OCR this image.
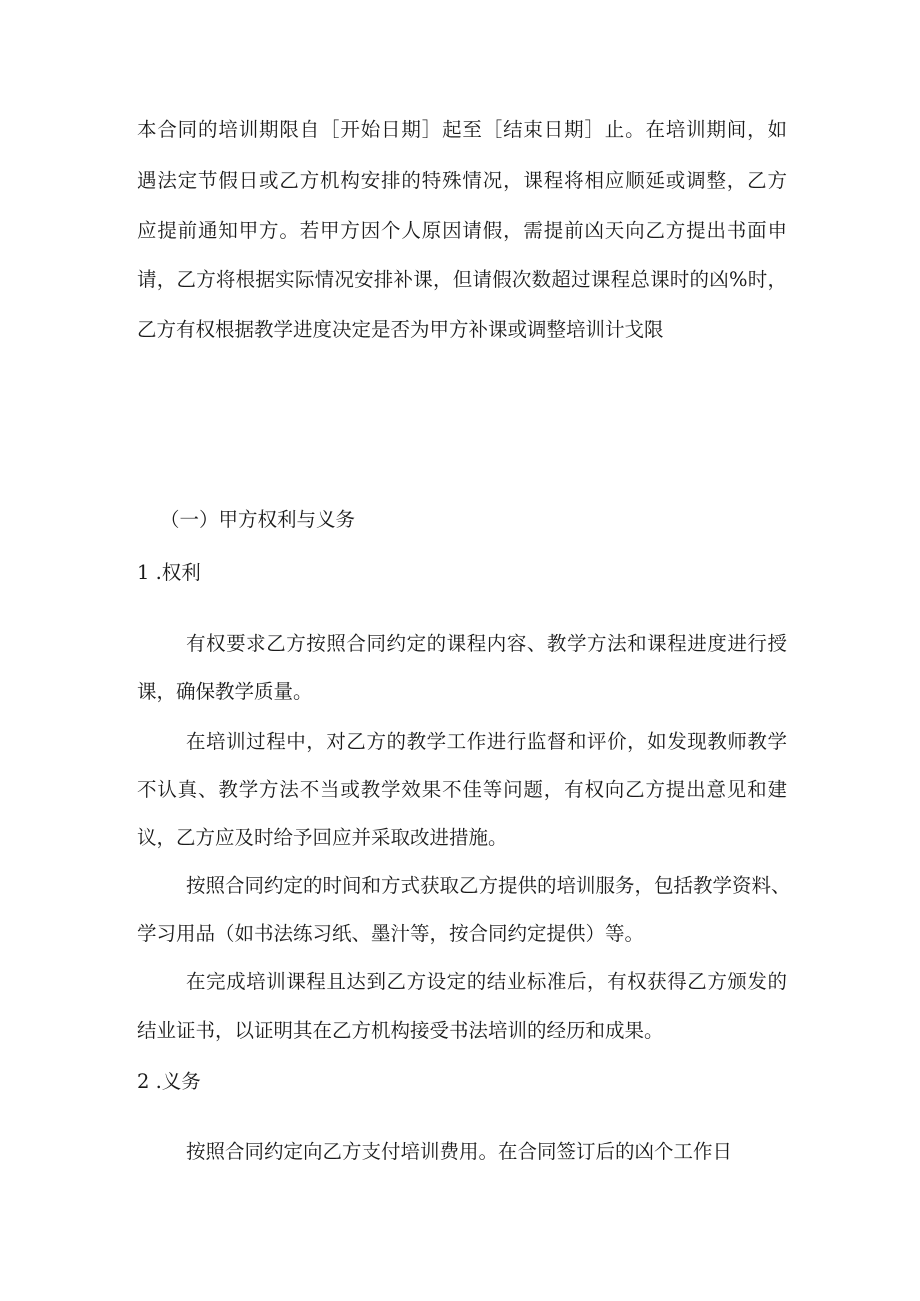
本合同的培训期限自［开始日期］起至［结束日期］止。在培训期间，如
遇法定节假日或乙方机构安排的特殊情况，课程将相应顺延或调整，乙方
应提前通知甲方。若甲方因个人原因请假，需提前凶天向乙方提出书面申
请，乙方将根据实际情况安排补课，但请假次数超过课程总课时的凶%时，
乙方有权根据教学进度决定是否为甲方补课或调整培训计戈限
（一）甲方权利与义务
1 .权利
有权要求乙方按照合同约定的课程内容、教学方法和课程进度进行授
课，确保教学质量。
在培训过程中，对乙方的教学工作进行监督和评价，如发现教师教学
不认真、教学方法不当或教学效果不佳等问题，有权向乙方提出意见和建
议，乙方应及时给予回应并采取改进措施。
按照合同约定的时间和方式获取乙方提供的培训服务，包括教学资料、
学习用品（如书法练习纸、墨汁等，按合同约定提供）等。
在完成培训课程且达到乙方设定的结业标准后，有权获得乙方颁发的
结业证书，以证明其在乙方机构接受书法培训的经历和成果。
2 .义务
按照合同约定向乙方支付培训费用。在合同签订后的凶个工作日
